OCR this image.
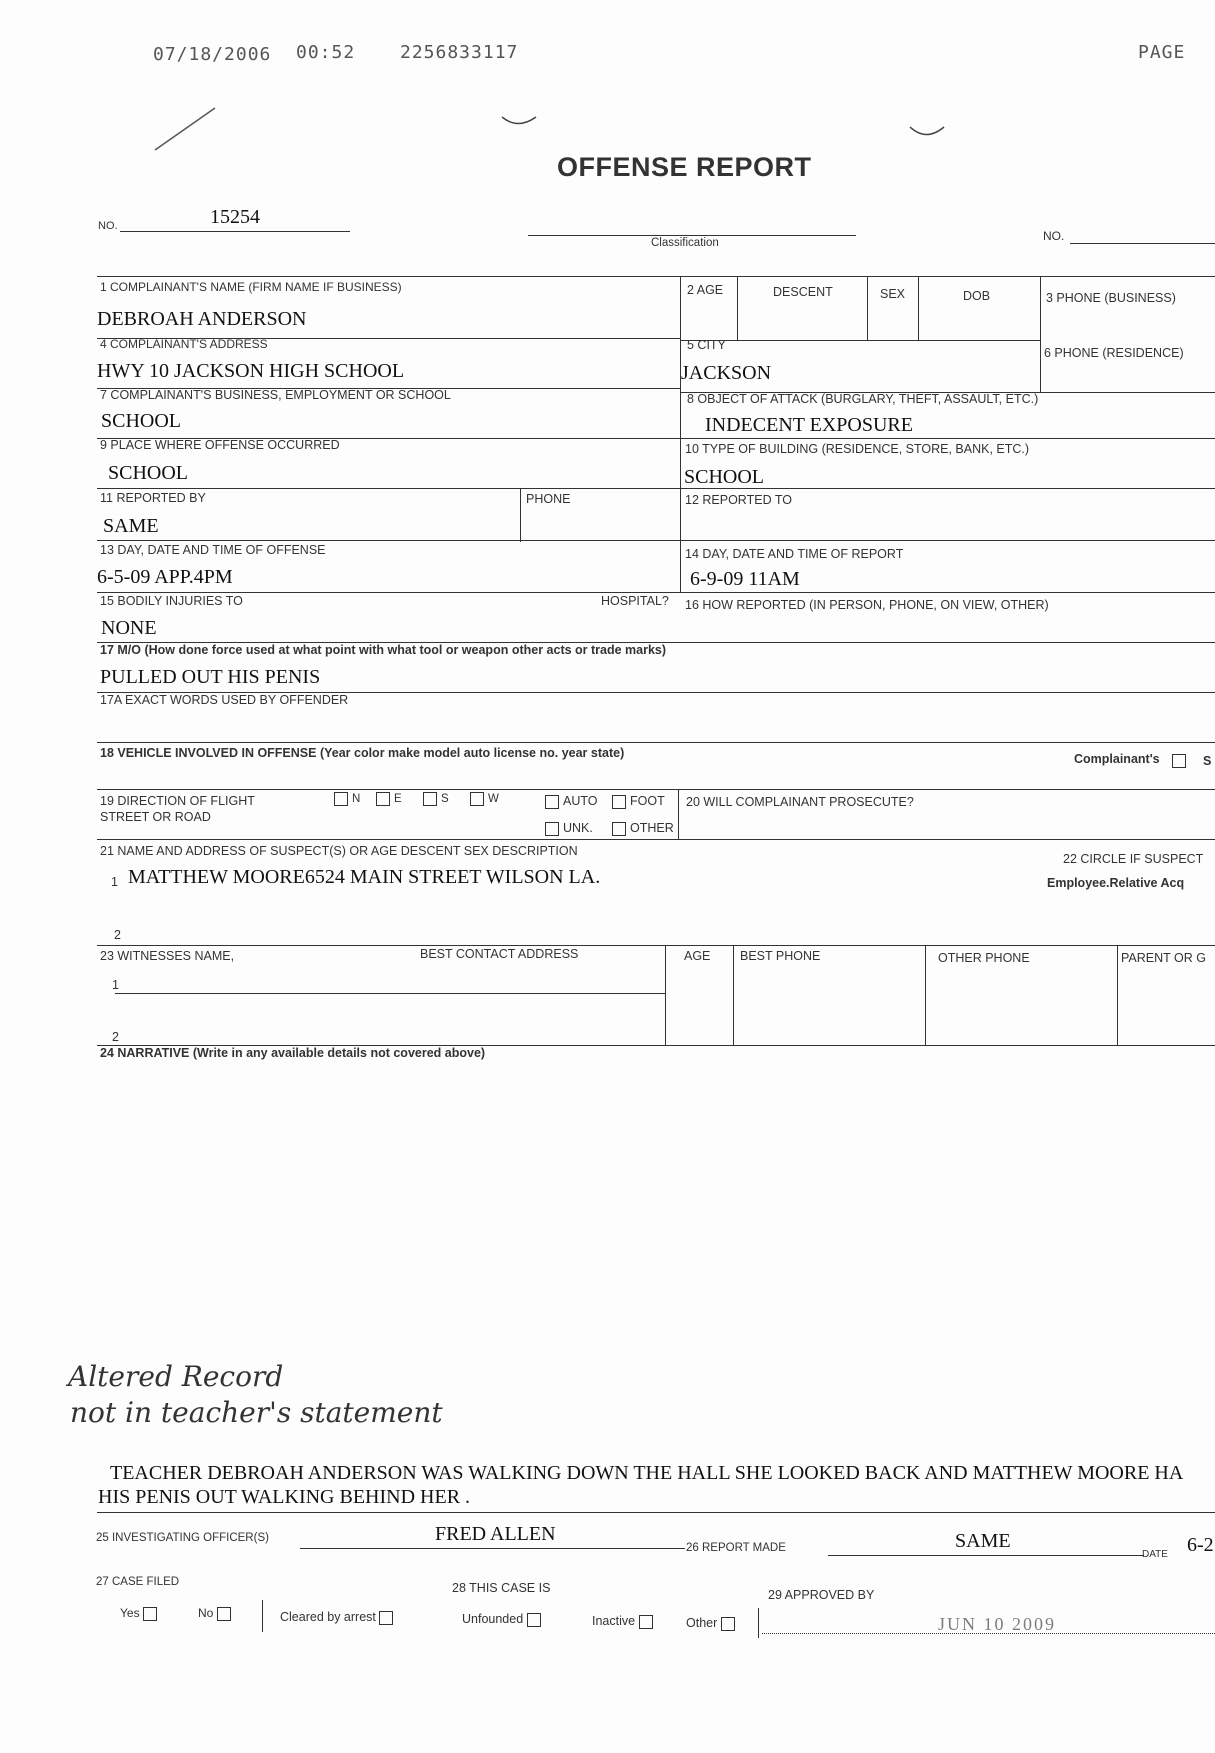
07/18/2006 00:52 2256833117	PAGE
OFFENSE REPORT
NO.	15254
Classification	NO.
1 COMPLAINANT'S NAME (FIRM NAME IF BUSINESS)
DEBROAH ANDERSON
2 AGE	DESCENT	SEX	DOB	3 PHONE (BUSINESS)
4 COMPLAINANT'S ADDRESS
HWY 10 JACKSON HIGH SCHOOL
5 CITY
JACKSON
6 PHONE (RESIDENCE)
7 COMPLAINANT'S BUSINESS, EMPLOYMENT OR SCHOOL
SCHOOL
8 OBJECT OF ATTACK (BURGLARY, THEFT, ASSAULT, ETC.)
INDECENT EXPOSURE
9 PLACE WHERE OFFENSE OCCURRED
SCHOOL
10 TYPE OF BUILDING (RESIDENCE, STORE, BANK, ETC.)
SCHOOL
11 REPORTED BY
SAME
PHONE	12 REPORTED TO
13 DAY, DATE AND TIME OF OFFENSE
6-5-09 APP.4PM
14 DAY, DATE AND TIME OF REPORT
6-9-09 11AM
15 BODILY INJURIES TO
NONE
HOSPITAL? 16 HOW REPORTED (IN PERSON, PHONE, ON VIEW, OTHER)
17 M/O (How done force used at what point with what tool or weapon other acts or trade marks)
PULLED OUT HIS PENIS
17A EXACT WORDS USED BY OFFENDER
18 VEHICLE INVOLVED IN OFFENSE (Year color make model auto license no. year state)	Complainant's	S
19 DIRECTION OF FLIGHT
STREET OR ROAD
N	E	S	W	AUTO	FOOT
UNK.	OTHER
20 WILL COMPLAINANT PROSECUTE?
21 NAME AND ADDRESS OF SUSPECT(S) OR AGE DESCENT SEX DESCRIPTION
1 MATTHEW MOORE6524 MAIN STREET WILSON LA.
2
22 CIRCLE IF SUSPECT
Employee.Relative Acq
23 WITNESSES NAME,	BEST CONTACT ADDRESS	AGE BEST PHONE	OTHER PHONE	PARENT OR G
1
2
24 NARRATIVE (Write in any available details not covered above)
Altered Record
not in teacher's statement
TEACHER DEBROAH ANDERSON WAS WALKING DOWN THE HALL SHE LOOKED BACK AND MATTHEW MOORE HA
HIS PENIS OUT WALKING BEHIND HER .
25 INVESTIGATING OFFICER(S)	FRED ALLEN
26 REPORT MADE	SAME
DATE 6-2
27 CASE FILED
Yes	No	Cleared by arrest
28 THIS CASE IS
Unfounded	Inactive	Other
29 APPROVED BY
JUN 10 2009
